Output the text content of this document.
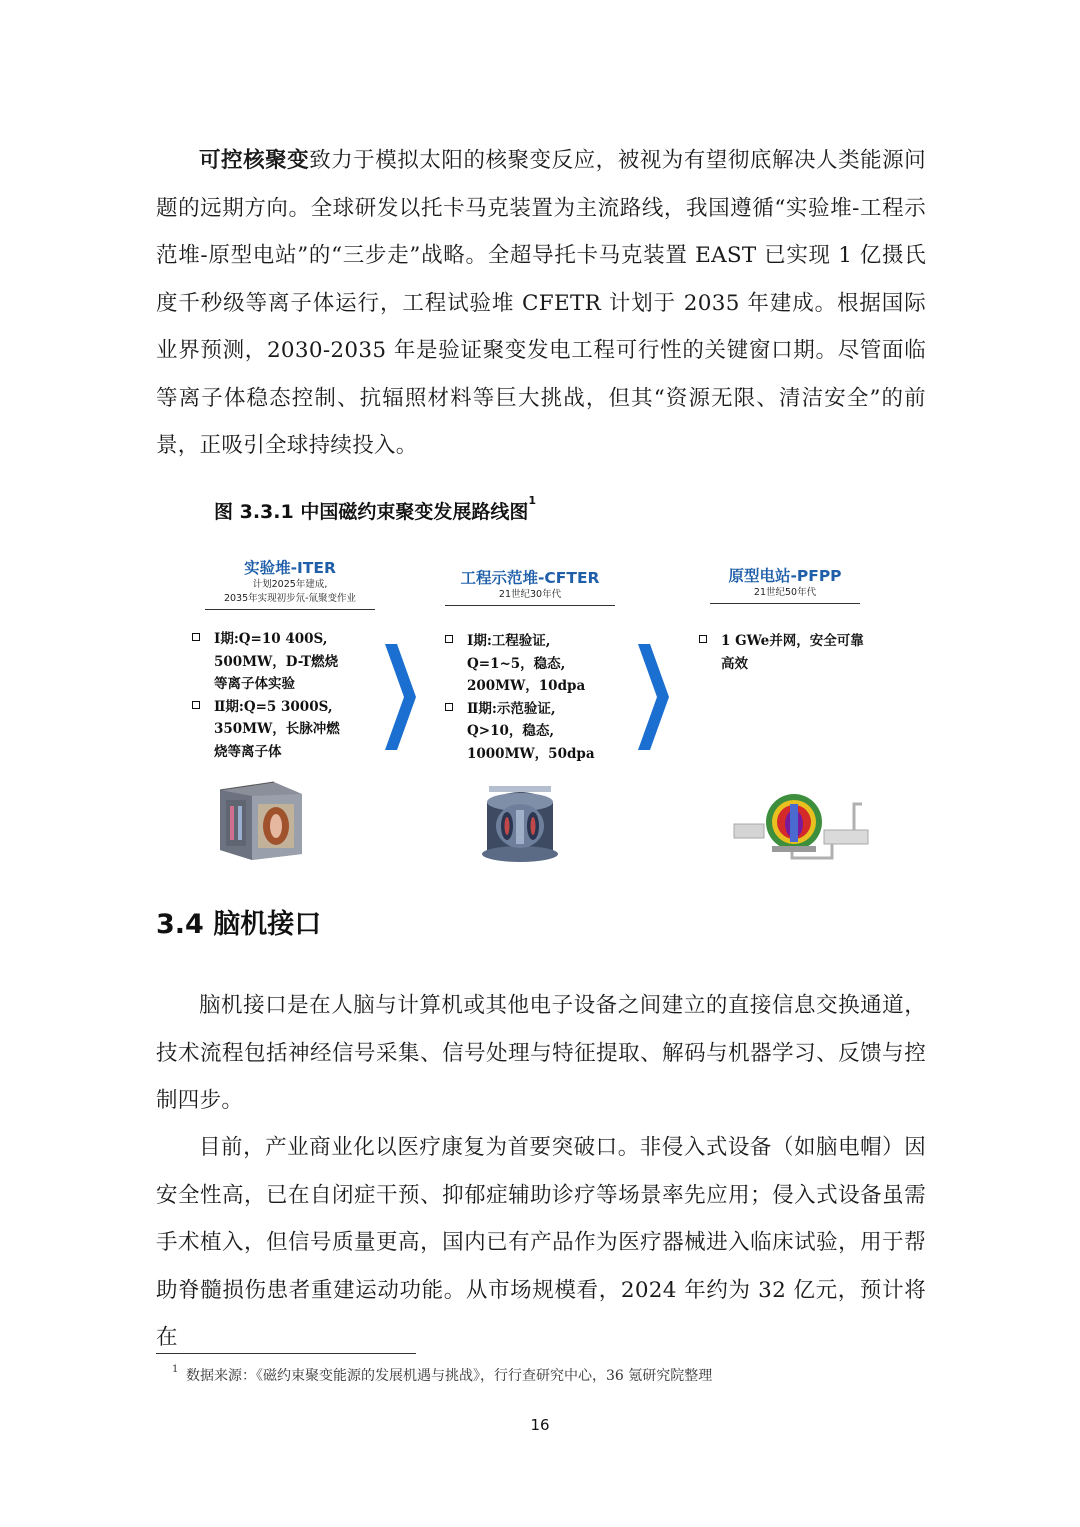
可控核聚变致力于模拟太阳的核聚变反应，被视为有望彻底解决人类能源问题的远期方向。全球研发以托卡马克装置为主流路线，我国遵循“实验堆-工程示范堆-原型电站”的“三步走”战略。全超导托卡马克装置 EAST 已实现 1 亿摄氏度千秒级等离子体运行，工程试验堆 CFETR 计划于 2035 年建成。根据国际业界预测，2030-2035 年是验证聚变发电工程可行性的关键窗口期。尽管面临等离子体稳态控制、抗辐照材料等巨大挑战，但其“资源无限、清洁安全”的前景，正吸引全球持续投入。

图 3.3.1 中国磁约束聚变发展路线图$^1$
实验堆-ITER
计划2025年建成,
2035年实现初步氘-氚聚变作业
Ⅰ期:Q=10 400S,
500MW，D-T燃烧
等离子体实验
Ⅱ期:Q=5 3000S,
350MW，长脉冲燃
烧等离子体
工程示范堆-CFTER
21世纪30年代
Ⅰ期:工程验证,
Q=1~5，稳态,
200MW，10dpa
Ⅱ期:示范验证,
Q>10，稳态,
1000MW，50dpa
原型电站-PFPP
21世纪50年代
1 GWe并网，安全可靠
高效
3.4 脑机接口

脑机接口是在人脑与计算机或其他电子设备之间建立的直接信息交换通道，技术流程包括神经信号采集、信号处理与特征提取、解码与机器学习、反馈与控制四步。

目前，产业商业化以医疗康复为首要突破口。非侵入式设备（如脑电帽）因安全性高，已在自闭症干预、抑郁症辅助诊疗等场景率先应用；侵入式设备虽需手术植入，但信号质量更高，国内已有产品作为医疗器械进入临床试验，用于帮助脊髓损伤患者重建运动功能。从市场规模看，2024 年约为 32 亿元，预计将在

1 数据来源：《磁约束聚变能源的发展机遇与挑战》，行行查研究中心，36 氪研究院整理
16
